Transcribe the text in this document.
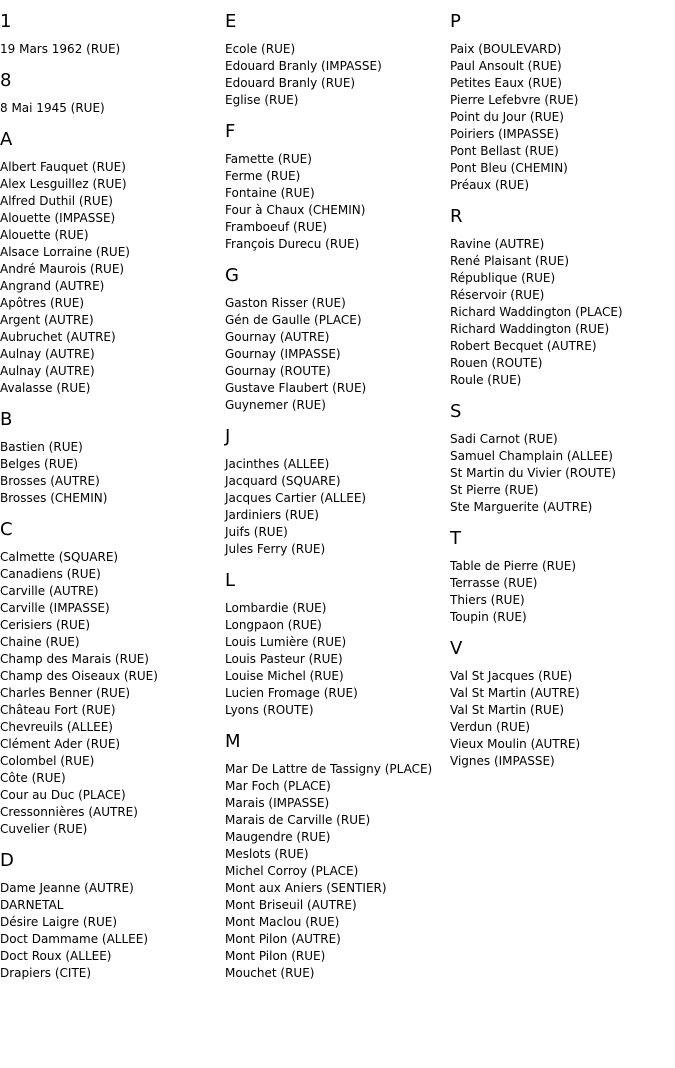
1
19 Mars 1962 (RUE)
8
8 Mai 1945 (RUE)
A
Albert Fauquet (RUE)
Alex Lesguillez (RUE)
Alfred Duthil (RUE)
Alouette (IMPASSE)
Alouette (RUE)
Alsace Lorraine (RUE)
André Maurois (RUE)
Angrand (AUTRE)
Apôtres (RUE)
Argent (AUTRE)
Aubruchet (AUTRE)
Aulnay (AUTRE)
Aulnay (AUTRE)
Avalasse (RUE)
B
Bastien (RUE)
Belges (RUE)
Brosses (AUTRE)
Brosses (CHEMIN)
C
Calmette (SQUARE)
Canadiens (RUE)
Carville (AUTRE)
Carville (IMPASSE)
Cerisiers (RUE)
Chaine (RUE)
Champ des Marais (RUE)
Champ des Oiseaux (RUE)
Charles Benner (RUE)
Château Fort (RUE)
Chevreuils (ALLEE)
Clément Ader (RUE)
Colombel (RUE)
Côte (RUE)
Cour au Duc (PLACE)
Cressonnières (AUTRE)
Cuvelier (RUE)
D
Dame Jeanne (AUTRE)
DARNETAL
Désire Laigre (RUE)
Doct Dammame (ALLEE)
Doct Roux (ALLEE)
Drapiers (CITE)
E
Ecole (RUE)
Edouard Branly (IMPASSE)
Edouard Branly (RUE)
Eglise (RUE)
F
Famette (RUE)
Ferme (RUE)
Fontaine (RUE)
Four à Chaux (CHEMIN)
Framboeuf (RUE)
François Durecu (RUE)
G
Gaston Risser (RUE)
Gén de Gaulle (PLACE)
Gournay (AUTRE)
Gournay (IMPASSE)
Gournay (ROUTE)
Gustave Flaubert (RUE)
Guynemer (RUE)
J
Jacinthes (ALLEE)
Jacquard (SQUARE)
Jacques Cartier (ALLEE)
Jardiniers (RUE)
Juifs (RUE)
Jules Ferry (RUE)
L
Lombardie (RUE)
Longpaon (RUE)
Louis Lumière (RUE)
Louis Pasteur (RUE)
Louise Michel (RUE)
Lucien Fromage (RUE)
Lyons (ROUTE)
M
Mar De Lattre de Tassigny (PLACE)
Mar Foch (PLACE)
Marais (IMPASSE)
Marais de Carville (RUE)
Maugendre (RUE)
Meslots (RUE)
Michel Corroy (PLACE)
Mont aux Aniers (SENTIER)
Mont Briseuil (AUTRE)
Mont Maclou (RUE)
Mont Pilon (AUTRE)
Mont Pilon (RUE)
Mouchet (RUE)
P
Paix (BOULEVARD)
Paul Ansoult (RUE)
Petites Eaux (RUE)
Pierre Lefebvre (RUE)
Point du Jour (RUE)
Poiriers (IMPASSE)
Pont Bellast (RUE)
Pont Bleu (CHEMIN)
Préaux (RUE)
R
Ravine (AUTRE)
René Plaisant (RUE)
République (RUE)
Réservoir (RUE)
Richard Waddington (PLACE)
Richard Waddington (RUE)
Robert Becquet (AUTRE)
Rouen (ROUTE)
Roule (RUE)
S
Sadi Carnot (RUE)
Samuel Champlain (ALLEE)
St Martin du Vivier (ROUTE)
St Pierre (RUE)
Ste Marguerite (AUTRE)
T
Table de Pierre (RUE)
Terrasse (RUE)
Thiers (RUE)
Toupin (RUE)
V
Val St Jacques (RUE)
Val St Martin (AUTRE)
Val St Martin (RUE)
Verdun (RUE)
Vieux Moulin (AUTRE)
Vignes (IMPASSE)
